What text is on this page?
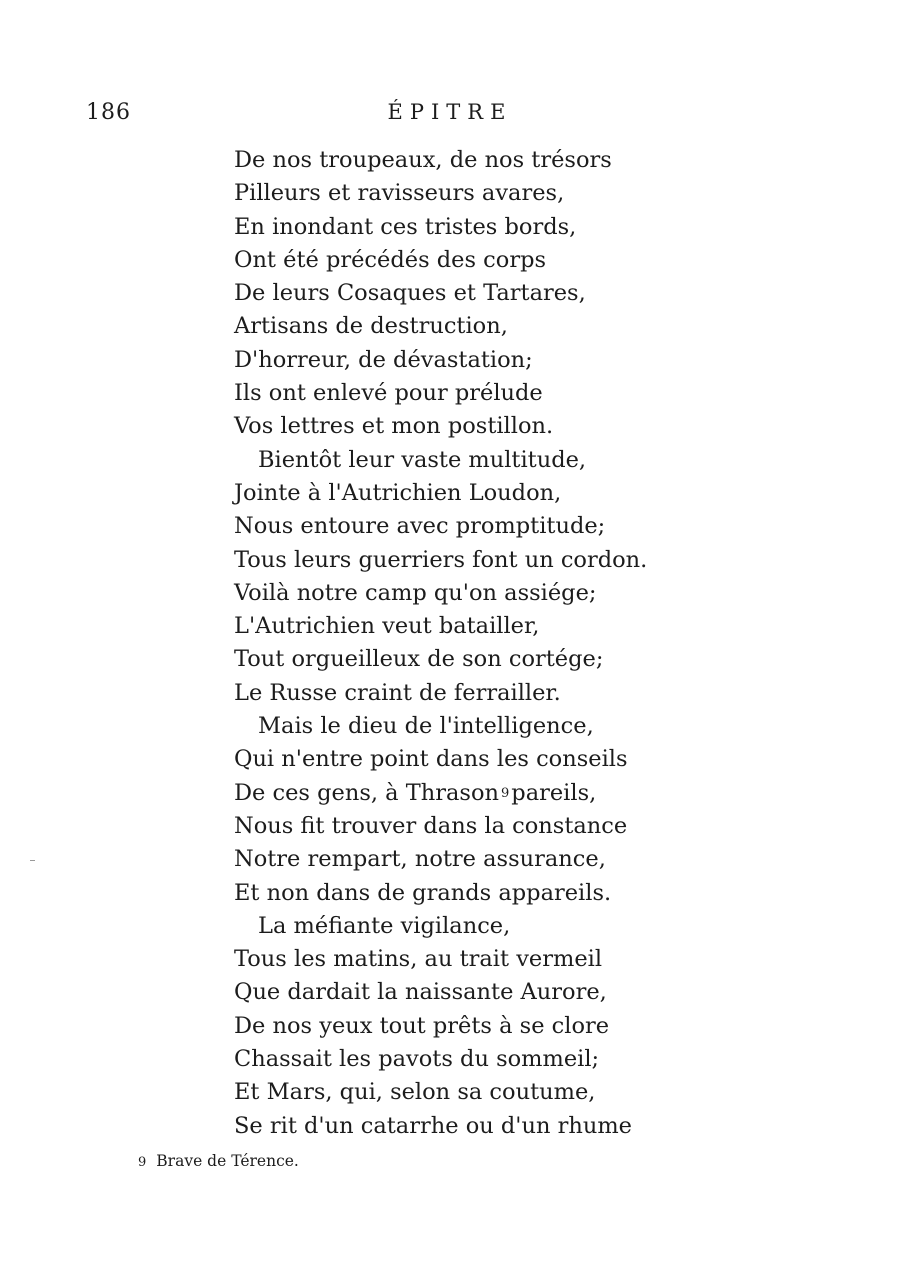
186	ÉPITRE
De nos troupeaux, de nos trésors
Pilleurs et ravisseurs avares,
En inondant ces tristes bords,
Ont été précédés des corps
De leurs Cosaques et Tartares,
Artisans de destruction,
D'horreur, de dévastation;
Ils ont enlevé pour prélude
Vos lettres et mon postillon.
Bientôt leur vaste multitude,
Jointe à l'Autrichien Loudon,
Nous entoure avec promptitude;
Tous leurs guerriers font un cordon.
Voilà notre camp qu'on assiége;
L'Autrichien veut batailler,
Tout orgueilleux de son cortége;
Le Russe craint de ferrailler.
Mais le dieu de l'intelligence,
Qui n'entre point dans les conseils
De ces gens, à Thrason $^9$pareils,
Nous fit trouver dans la constance
Notre rempart, notre assurance,
Et non dans de grands appareils.
La méfiante vigilance,
Tous les matins, au trait vermeil
Que dardait la naissante Aurore,
De nos yeux tout prêts à se clore
Chassait les pavots du sommeil;
Et Mars, qui, selon sa coutume,
Se rit d'un catarrhe ou d'un rhume
9 Brave de Térence.
